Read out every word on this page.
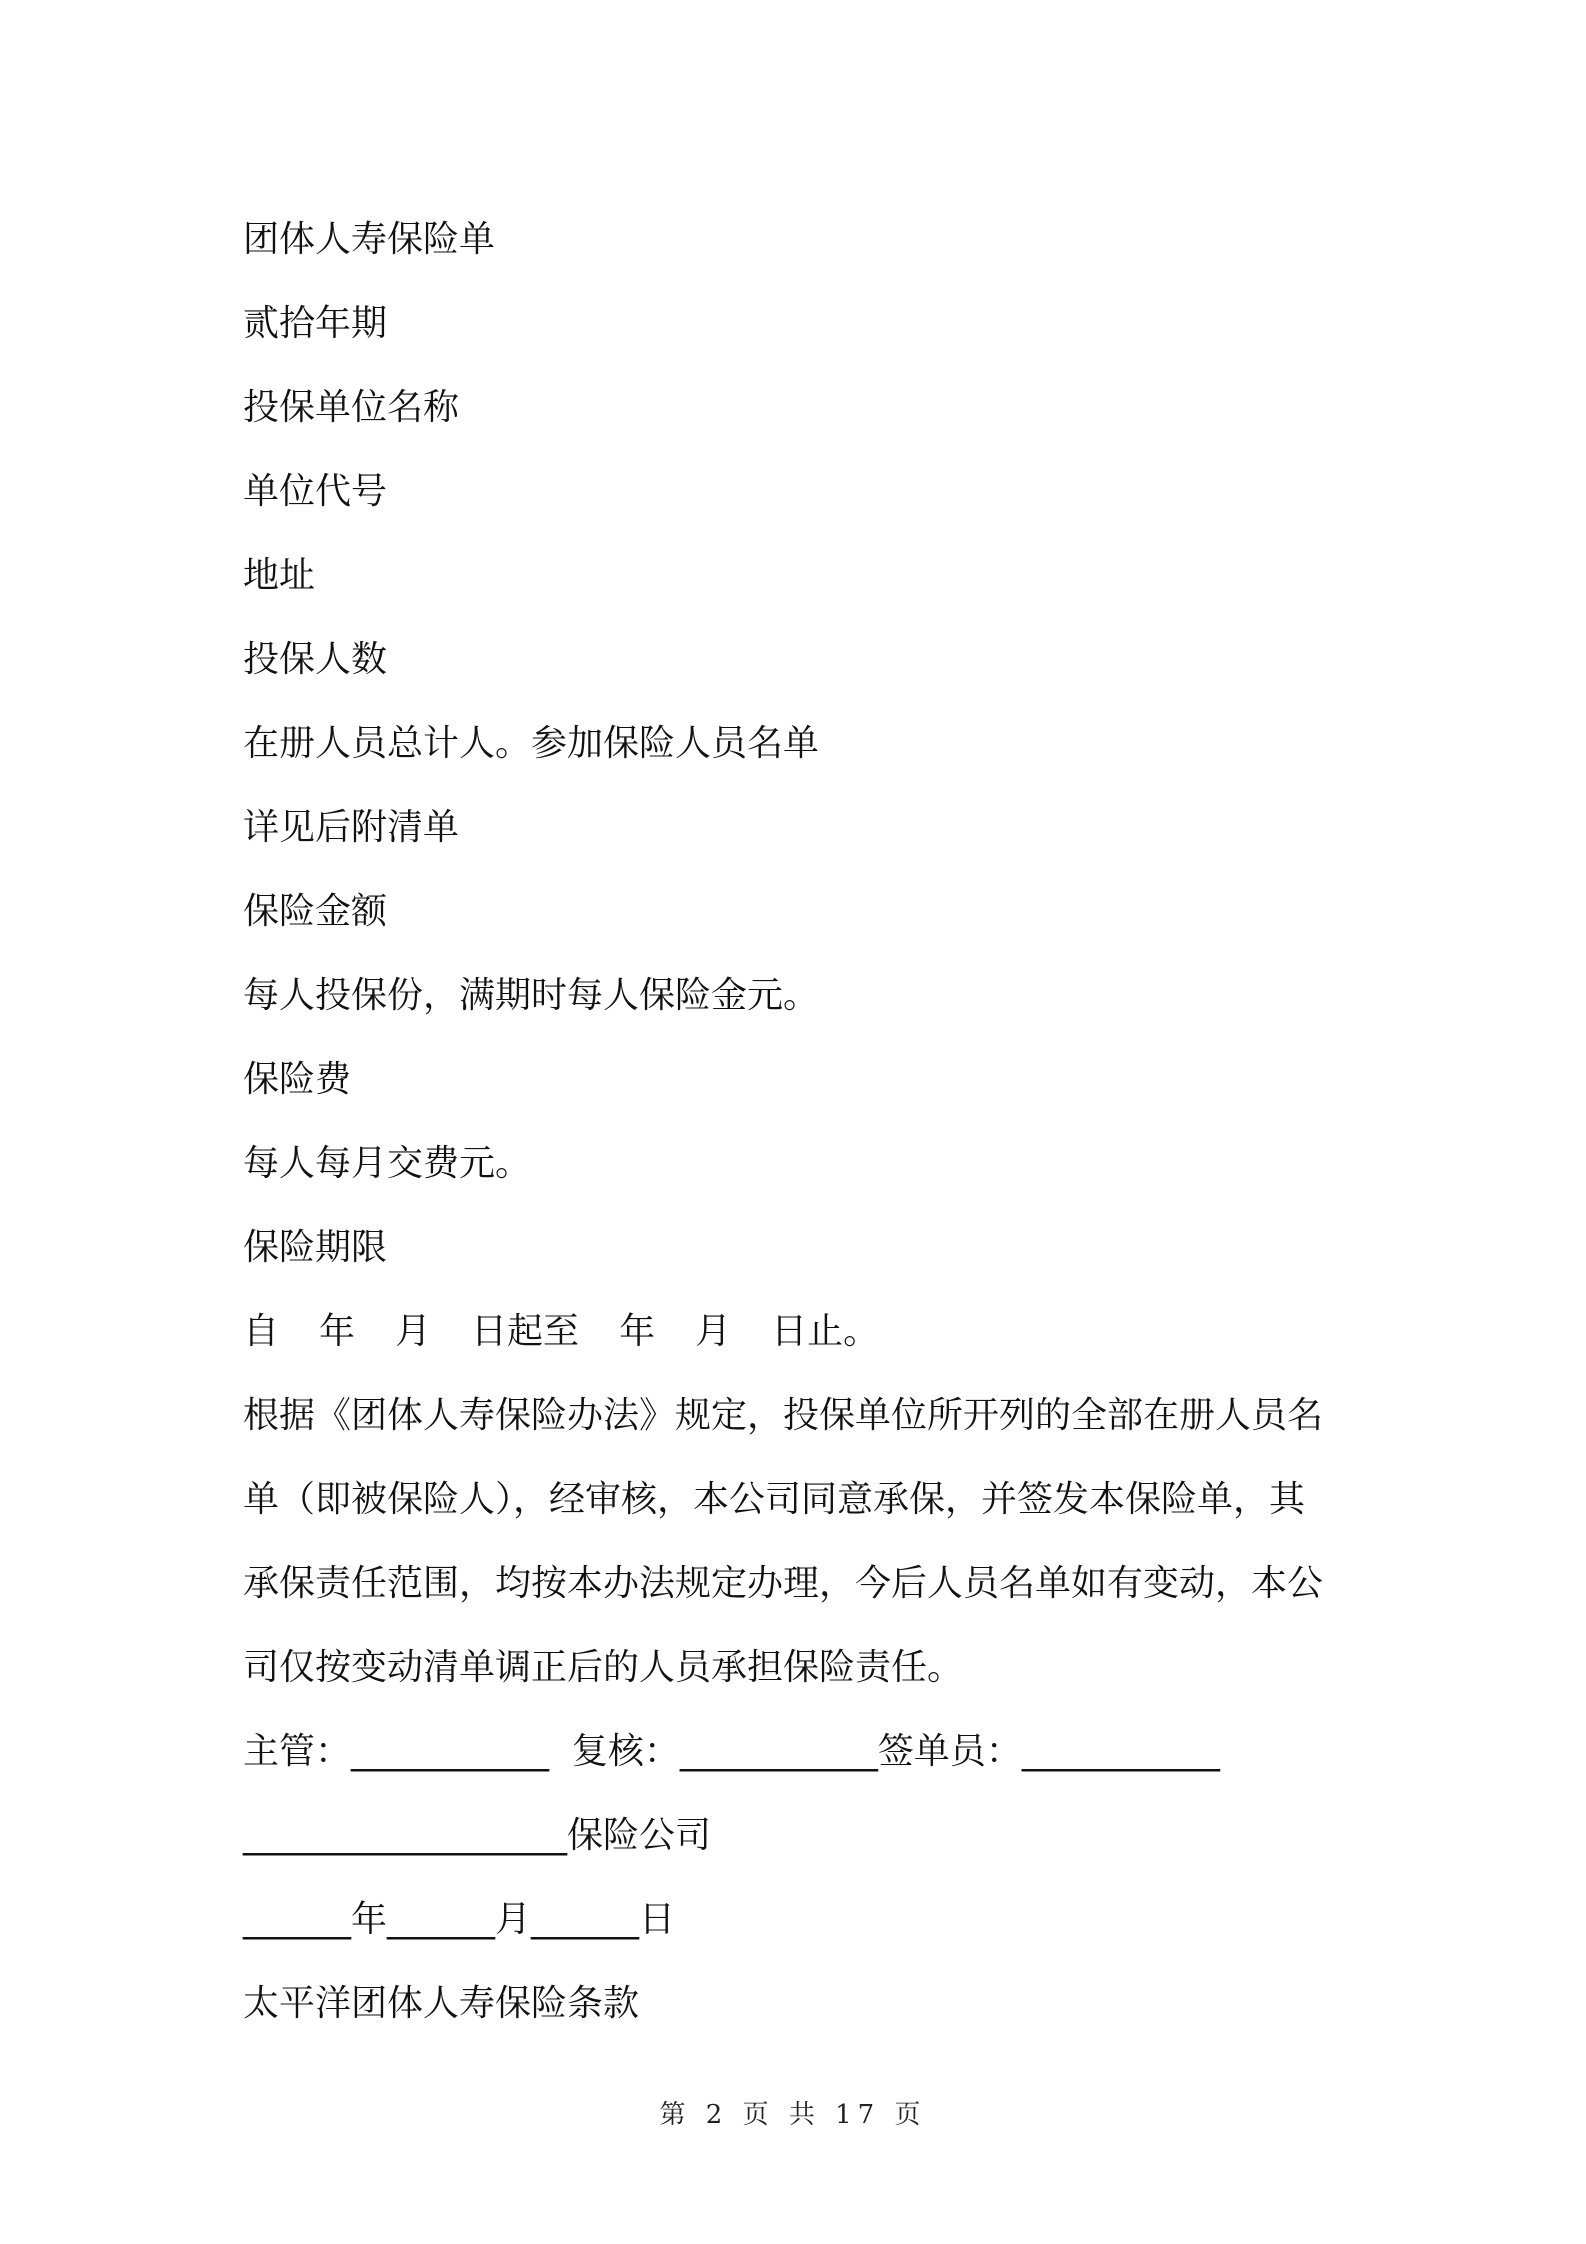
团体人寿保险单
贰拾年期
投保单位名称
单位代号
地址
投保人数
在册人员总计人。参加保险人员名单
详见后附清单
保险金额
每人投保份，满期时每人保险金元。
保险费
每人每月交费元。
保险期限
自 年 月 日起至 年 月 日止。
根据《团体人寿保险办法》规定，投保单位所开列的全部在册人员名
单（即被保险人），经审核，本公司同意承保，并签发本保险单，其
承保责任范围，均按本办法规定办理，今后人员名单如有变动，本公
司仅按变动清单调正后的人员承担保险责任。
主管：___________  复核：___________签单员：___________
__________________保险公司
______年______月______日
太平洋团体人寿保险条款
第 2 页 共 17 页
